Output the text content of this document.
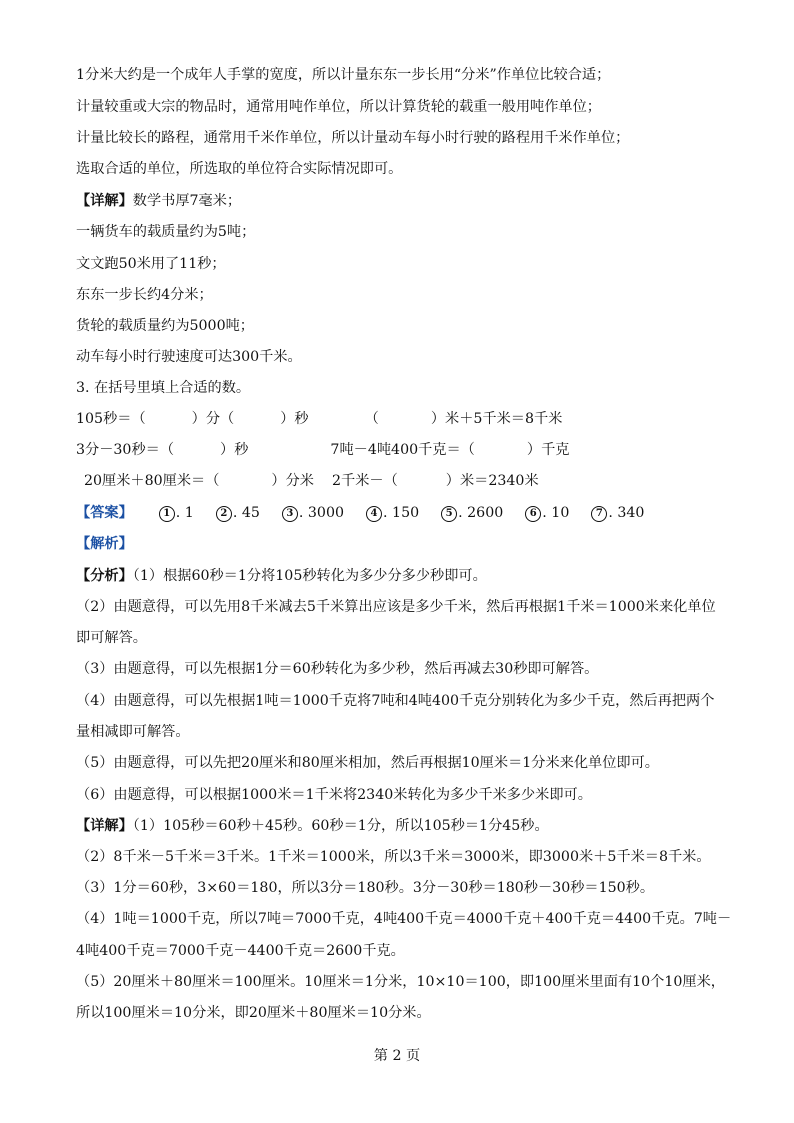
1分米大约是一个成年人手掌的宽度，所以计量东东一步长用“分米”作单位比较合适；
计量较重或大宗的物品时，通常用吨作单位，所以计算货轮的载重一般用吨作单位；
计量比较长的路程，通常用千米作单位，所以计量动车每小时行驶的路程用千米作单位；
选取合适的单位，所选取的单位符合实际情况即可。
【详解】数学书厚7毫米；
一辆货车的载质量约为5吨；
文文跑50米用了11秒；
东东一步长约4分米；
货轮的载质量约为5000吨；
动车每小时行驶速度可达300千米。
3. 在括号里填上合适的数。
105秒＝（	）分（	）秒	（	）米＋5千米＝8千米
3分－30秒＝（	）秒	7吨－4吨400千克＝（	）千克
20厘米＋80厘米＝（	）分米 2千米－（	）米＝2340米
【答案】	1 . 1	2 . 45	3 . 3000	4 . 150	5 . 2600	6 . 10	7 . 340
【解析】
【分析】（1）根据60秒＝1分将105秒转化为多少分多少秒即可。
（2）由题意得，可以先用8千米减去5千米算出应该是多少千米，然后再根据1千米＝1000米来化单位
即可解答。
（3）由题意得，可以先根据1分＝60秒转化为多少秒，然后再减去30秒即可解答。
（4）由题意得，可以先根据1吨＝1000千克将7吨和4吨400千克分别转化为多少千克，然后再把两个
量相减即可解答。
（5）由题意得，可以先把20厘米和80厘米相加，然后再根据10厘米＝1分米来化单位即可。
（6）由题意得，可以根据1000米＝1千米将2340米转化为多少千米多少米即可。
【详解】（1）105秒＝60秒＋45秒。60秒＝1分，所以105秒＝1分45秒。
（2）8千米－5千米＝3千米。1千米＝1000米，所以3千米＝3000米，即3000米＋5千米＝8千米。
（3）1分＝60秒，3×60＝180，所以3分＝180秒。3分－30秒＝180秒－30秒＝150秒。
（4）1吨＝1000千克，所以7吨＝7000千克，4吨400千克＝4000千克＋400千克＝4400千克。7吨－
4吨400千克＝7000千克－4400千克＝2600千克。
（5）20厘米＋80厘米＝100厘米。10厘米＝1分米，10×10＝100，即100厘米里面有10个10厘米，
所以100厘米＝10分米，即20厘米＋80厘米＝10分米。
第 2 页
